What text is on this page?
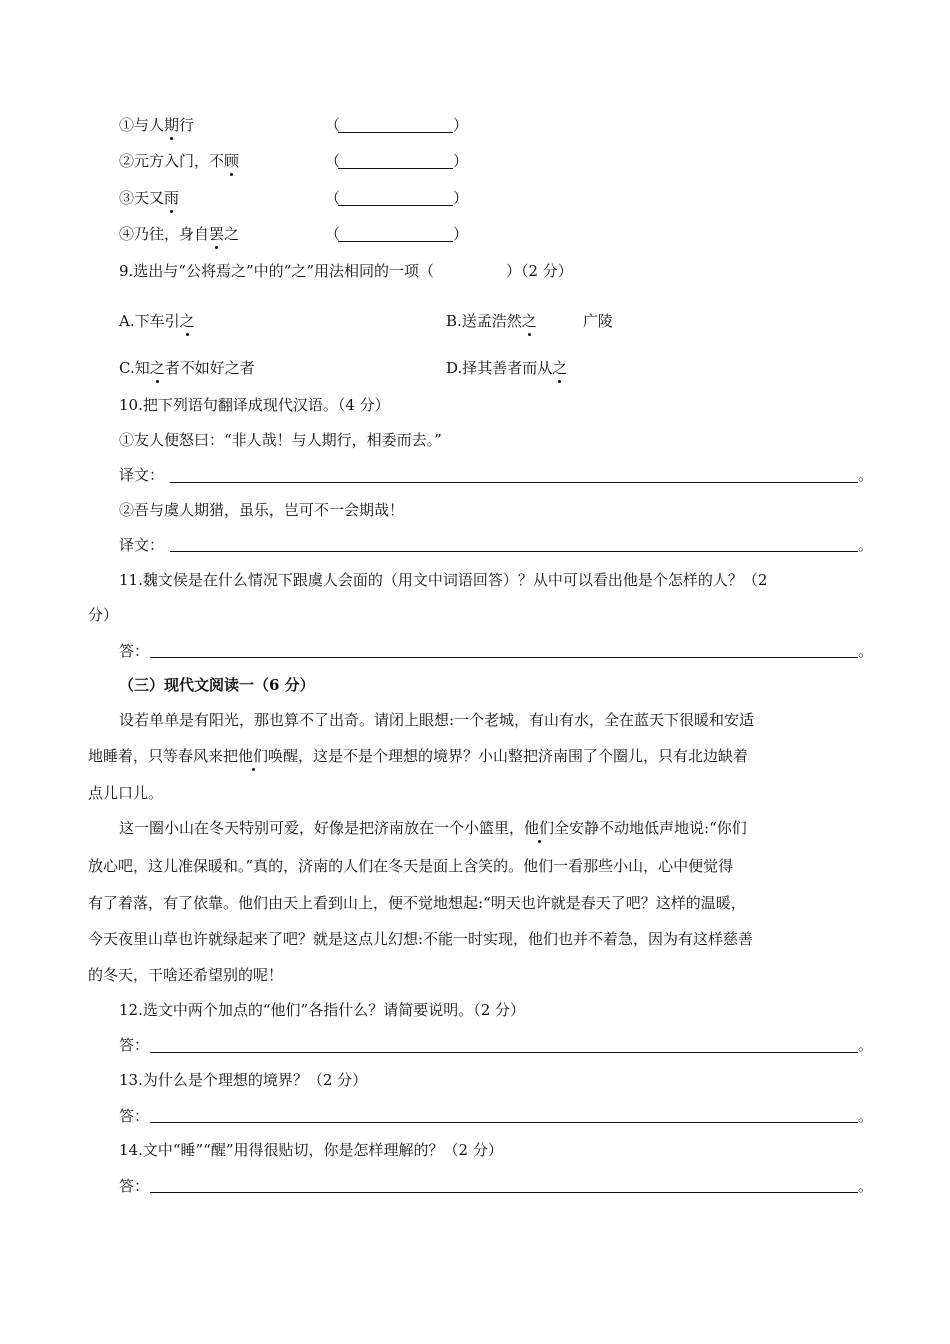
①与人期行	（	）
②元方入门，不顾	（	）
③天又雨	（	）
④乃往，身自罢之	（	）
9.选出与“公将焉之”中的“之”用法相同的一项（	）（2 分）
A.下车引之	B.送孟浩然之	广陵
C.知之者不如好之者	D.择其善者而从之
10.把下列语句翻译成现代汉语。（4 分）
①友人便怒曰：“非人哉！与人期行，相委而去。”
译文：	。
②吾与虞人期猎，虽乐，岂可不一会期哉！
译文：	。
11.魏文侯是在什么情况下跟虞人会面的（用文中词语回答）？从中可以看出他是个怎样的人？（2
分）
答：	。
（三）现代文阅读一（6 分）
设若单单是有阳光，那也算不了出奇。请闭上眼想:一个老城，有山有水，全在蓝天下很暖和安适
地睡着，只等春风来把他们唤醒，这是不是个理想的境界？小山整把济南围了个圈儿，只有北边缺着
点儿口儿。
这一圈小山在冬天特别可爱，好像是把济南放在一个小篮里，他们全安静不动地低声地说:“你们
放心吧，这儿准保暖和。”真的，济南的人们在冬天是面上含笑的。他们一看那些小山，心中便觉得
有了着落，有了依靠。他们由天上看到山上，便不觉地想起:“明天也许就是春天了吧？这样的温暖，
今天夜里山草也许就绿起来了吧？就是这点儿幻想:不能一时实现，他们也并不着急，因为有这样慈善
的冬天，干啥还希望别的呢！
12.选文中两个加点的“他们”各指什么？请简要说明。（2 分）
答：	。
13.为什么是个理想的境界？（2 分）
答：	。
14.文中“睡”“醒”用得很贴切，你是怎样理解的？（2 分）
答：	。
